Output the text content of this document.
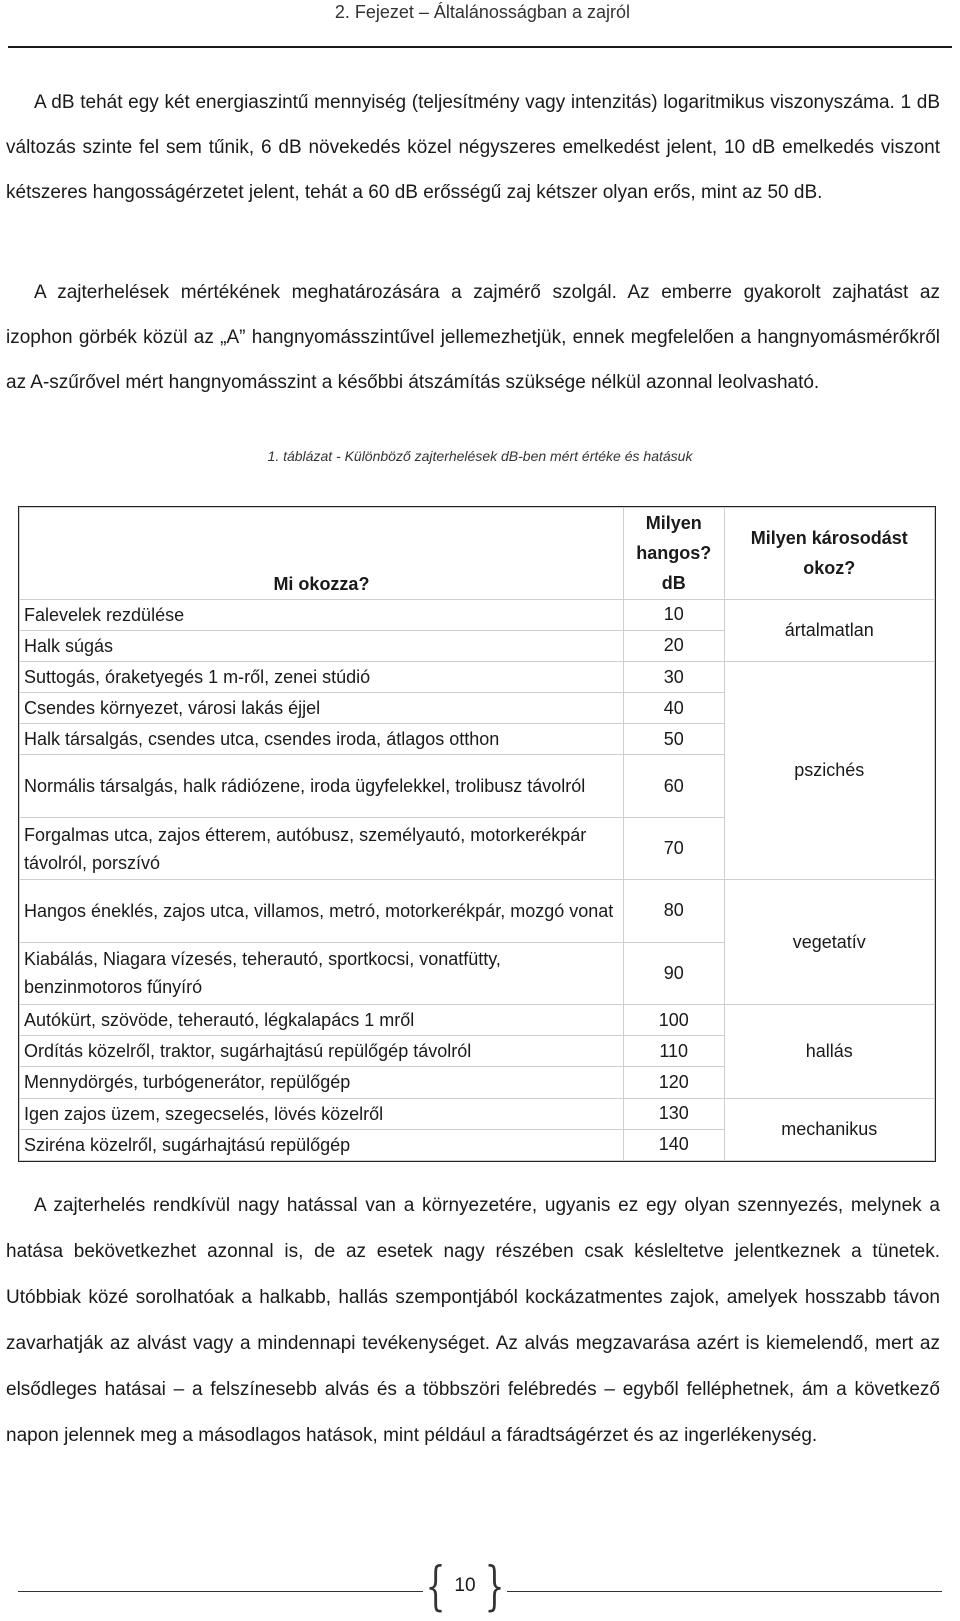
2. Fejezet – Általánosságban a zajról

A dB tehát egy két energiaszintű mennyiség (teljesítmény vagy intenzitás) logaritmikus viszonyszáma. 1 dB változás szinte fel sem tűnik, 6 dB növekedés közel négyszeres emelkedést jelent, 10 dB emelkedés viszont kétszeres hangosságérzetet jelent, tehát a 60 dB erősségű zaj kétszer olyan erős, mint az 50 dB.

A zajterhelések mértékének meghatározására a zajmérő szolgál. Az emberre gyakorolt zajhatást az izophon görbék közül az „A” hangnyomásszintűvel jellemezhetjük, ennek megfelelően a hangnyomásmérőkről az A-szűrővel mért hangnyomásszint a későbbi átszámítás szüksége nélkül azonnal leolvasható.

1. táblázat - Különböző zajterhelések dB-ben mért értéke és hatásuk
Mi okozza?	Milyen hangos? dB	Milyen károsodást okoz?
Falevelek rezdülése	10	ártalmatlan
Halk súgás	20	
Suttogás, óraketyegés 1 m-ről, zenei stúdió	30	pszichés
Csendes környezet, városi lakás éjjel	40	
Halk társalgás, csendes utca, csendes iroda, átlagos otthon	50	
Normális társalgás, halk rádiózene, iroda ügyfelekkel, trolibusz távolról	60	
Forgalmas utca, zajos étterem, autóbusz, személyautó, motorkerékpár távolról, porszívó	70	
Hangos éneklés, zajos utca, villamos, metró, motorkerékpár, mozgó vonat	80	vegetatív
Kiabálás, Niagara vízesés, teherautó, sportkocsi, vonatfütty, benzinmotoros fűnyíró	90	
Autókürt, szövöde, teherautó, légkalapács 1 mről	100	hallás
Ordítás közelről, traktor, sugárhajtású repülőgép távolról	110	
Mennydörgés, turbógenerátor, repülőgép	120	
Igen zajos üzem, szegecselés, lövés közelről	130	mechanikus
Sziréna közelről, sugárhajtású repülőgép	140	

A zajterhelés rendkívül nagy hatással van a környezetére, ugyanis ez egy olyan szennyezés, melynek a hatása bekövetkezhet azonnal is, de az esetek nagy részében csak késleltetve jelentkeznek a tünetek. Utóbbiak közé sorolhatóak a halkabb, hallás szempontjából kockázatmentes zajok, amelyek hosszabb távon zavarhatják az alvást vagy a mindennapi tevékenységet. Az alvás megzavarása azért is kiemelendő, mert az elsődleges hatásai – a felszínesebb alvás és a többszöri felébredés – egyből felléphetnek, ám a következő napon jelennek meg a másodlagos hatások, mint például a fáradtságérzet és az ingerlékenység.

{ }
10
